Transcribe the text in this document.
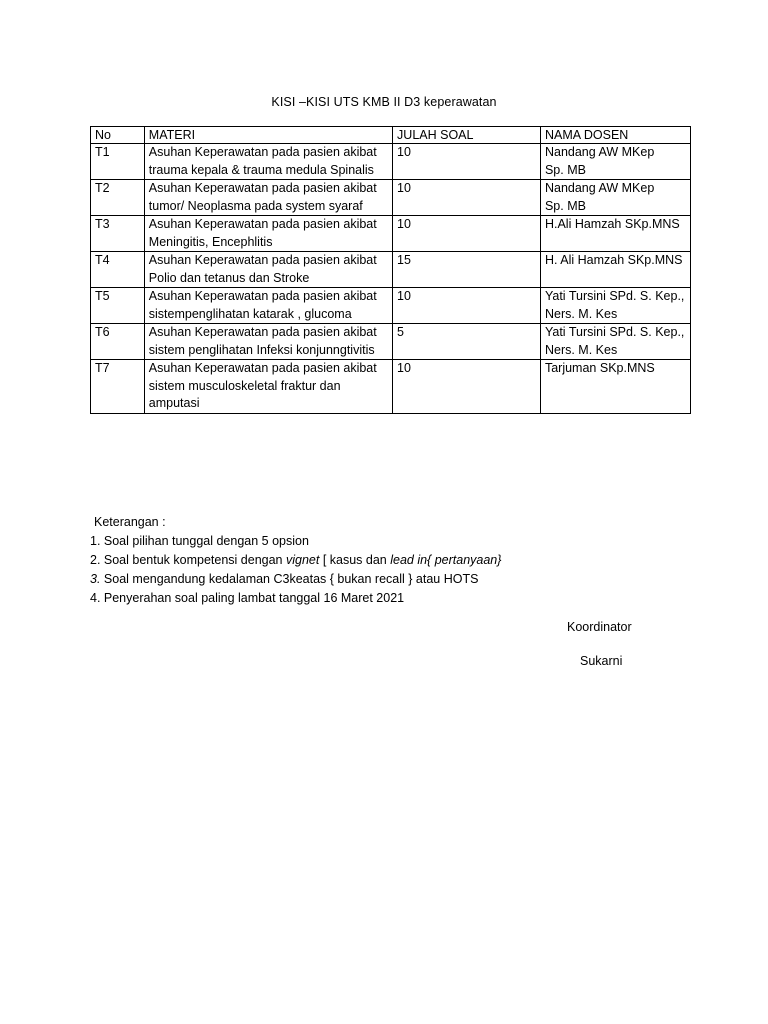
KISI –KISI UTS KMB II D3 keperawatan
No	MATERI	JULAH SOAL	NAMA DOSEN
T1	Asuhan Keperawatan pada pasien akibat trauma kepala & trauma medula Spinalis	10	Nandang AW MKep
Sp. MB
T2	Asuhan Keperawatan pada pasien akibat tumor/ Neoplasma pada system syaraf	10	Nandang AW MKep
Sp. MB
T3	Asuhan Keperawatan pada pasien akibat Meningitis, Encephlitis	10	H.Ali Hamzah SKp.MNS
T4	Asuhan Keperawatan pada pasien akibat Polio dan tetanus dan Stroke	15	H. Ali Hamzah SKp.MNS
T5	Asuhan Keperawatan pada pasien akibat sistempenglihatan katarak , glucoma	10	Yati Tursini SPd. S. Kep., Ners. M. Kes
T6	Asuhan Keperawatan pada pasien akibat sistem penglihatan Infeksi konjunngtivitis	5	Yati Tursini SPd. S. Kep., Ners. M. Kes
T7	Asuhan Keperawatan pada pasien akibat sistem musculoskeletal fraktur dan amputasi	10	Tarjuman SKp.MNS
Keterangan :
1. Soal pilihan tunggal dengan 5 opsion
2. Soal bentuk kompetensi dengan vignet [ kasus dan lead in{ pertanyaan}
3. Soal mengandung kedalaman C3keatas { bukan recall } atau HOTS
4. Penyerahan soal paling lambat tanggal 16 Maret 2021
Koordinator
Sukarni
